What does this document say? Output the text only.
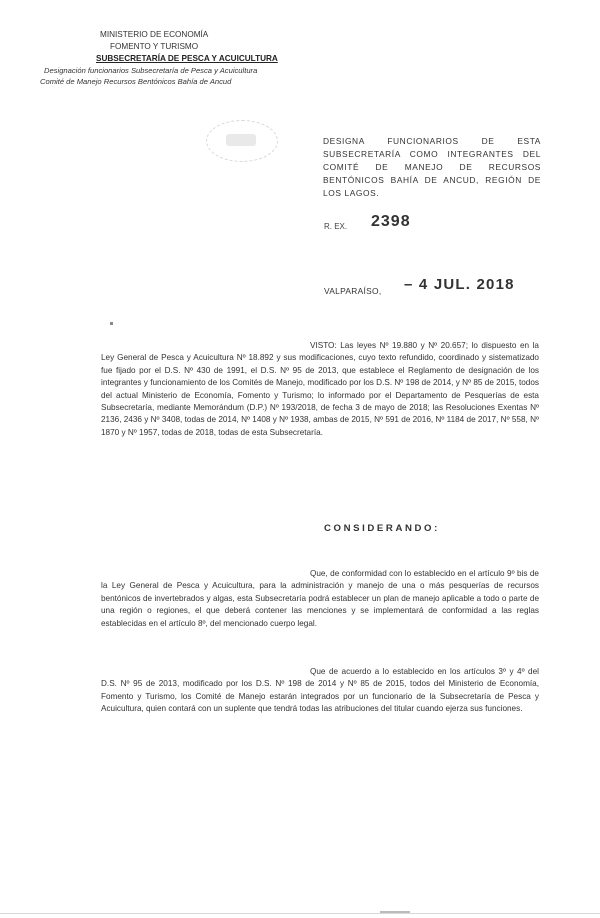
MINISTERIO DE ECONOMÍA
FOMENTO Y TURISMO
SUBSECRETARÍA DE PESCA Y ACUICULTURA
Designación funcionarios Subsecretaría de Pesca y Acuicultura
Comité de Manejo Recursos Bentónicos Bahía de Ancud
DESIGNA FUNCIONARIOS DE ESTA SUBSECRETARÍA COMO INTEGRANTES DEL COMITÉ DE MANEJO DE RECURSOS BENTÓNICOS BAHÍA DE ANCUD, REGIÓN DE LOS LAGOS.
R. EX. 2398
VALPARAÍSO, – 4 JUL. 2018
VISTO: Las leyes Nº 19.880 y Nº 20.657; lo dispuesto en la Ley General de Pesca y Acuicultura Nº 18.892 y sus modificaciones, cuyo texto refundido, coordinado y sistematizado fue fijado por el D.S. Nº 430 de 1991, el D.S. Nº 95 de 2013, que establece el Reglamento de designación de los integrantes y funcionamiento de los Comités de Manejo, modificado por los D.S. Nº 198 de 2014, y Nº 85 de 2015, todos del actual Ministerio de Economía, Fomento y Turismo; lo informado por el Departamento de Pesquerías de esta Subsecretaría, mediante Memorándum (D.P.) Nº 193/2018, de fecha 3 de mayo de 2018; las Resoluciones Exentas Nº 2136, 2436 y Nº 3408, todas de 2014, Nº 1408 y Nº 1938, ambas de 2015, Nº 591 de 2016, Nº 1184 de 2017, Nº 558, Nº 1870 y Nº 1957, todas de 2018, todas de esta Subsecretaría.
CONSIDERANDO:
Que, de conformidad con lo establecido en el artículo 9º bis de la Ley General de Pesca y Acuicultura, para la administración y manejo de una o más pesquerías de recursos bentónicos de invertebrados y algas, esta Subsecretaría podrá establecer un plan de manejo aplicable a todo o parte de una región o regiones, el que deberá contener las menciones y se implementará de conformidad a las reglas establecidas en el artículo 8º, del mencionado cuerpo legal.
Que de acuerdo a lo establecido en los artículos 3º y 4º del D.S. Nº 95 de 2013, modificado por los D.S. Nº 198 de 2014 y Nº 85 de 2015, todos del Ministerio de Economía, Fomento y Turismo, los Comité de Manejo estarán integrados por un funcionario de la Subsecretaría de Pesca y Acuicultura, quien contará con un suplente que tendrá todas las atribuciones del titular cuando ejerza sus funciones.
